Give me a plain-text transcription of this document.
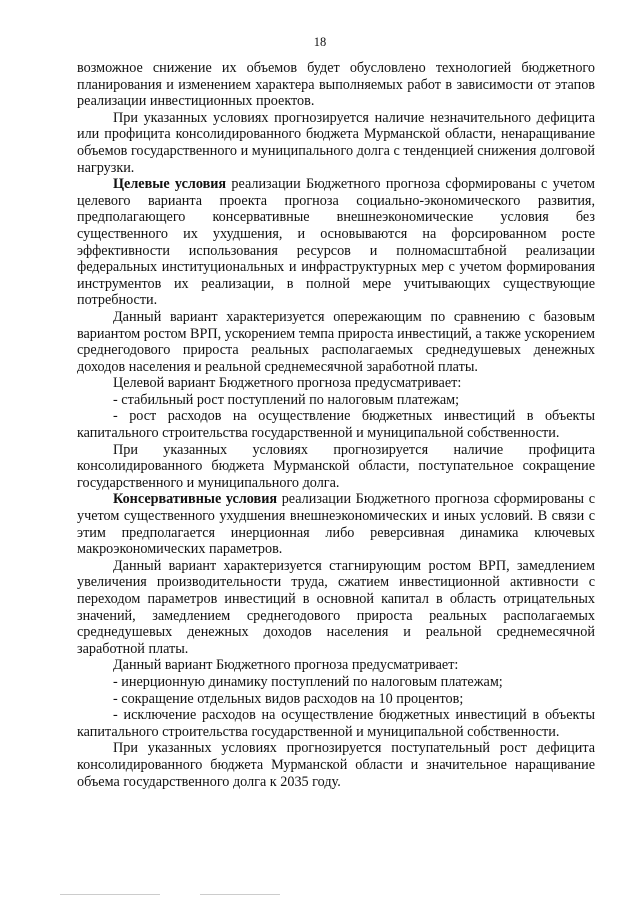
18

возможное снижение их объемов будет обусловлено технологией бюджетного планирования и изменением характера выполняемых работ в зависимости от этапов реализации инвестиционных проектов.

При указанных условиях прогнозируется наличие незначительного дефицита или профицита консолидированного бюджета Мурманской области, ненаращивание объемов государственного и муниципального долга с тенденцией снижения долговой нагрузки.

Целевые условия реализации Бюджетного прогноза сформированы с учетом целевого варианта проекта прогноза социально-экономического развития, предполагающего консервативные внешнеэкономические условия без существенного их ухудшения, и основываются на форсированном росте эффективности использования ресурсов и полномасштабной реализации федеральных институциональных и инфраструктурных мер с учетом формирования инструментов их реализации, в полной мере учитывающих существующие потребности.

Данный вариант характеризуется опережающим по сравнению с базовым вариантом ростом ВРП, ускорением темпа прироста инвестиций, а также ускорением среднегодового прироста реальных располагаемых среднедушевых денежных доходов населения и реальной среднемесячной заработной платы.

Целевой вариант Бюджетного прогноза предусматривает:

- стабильный рост поступлений по налоговым платежам;

- рост расходов на осуществление бюджетных инвестиций в объекты капитального строительства государственной и муниципальной собственности.

При указанных условиях прогнозируется наличие профицита консолидированного бюджета Мурманской области, поступательное сокращение государственного и муниципального долга.

Консервативные условия реализации Бюджетного прогноза сформированы с учетом существенного ухудшения внешнеэкономических и иных условий. В связи с этим предполагается инерционная либо реверсивная динамика ключевых макроэкономических параметров.

Данный вариант характеризуется стагнирующим ростом ВРП, замедлением увеличения производительности труда, сжатием инвестиционной активности с переходом параметров инвестиций в основной капитал в область отрицательных значений, замедлением среднегодового прироста реальных располагаемых среднедушевых денежных доходов населения и реальной среднемесячной заработной платы.

Данный вариант Бюджетного прогноза предусматривает:

- инерционную динамику поступлений по налоговым платежам;

- сокращение отдельных видов расходов на 10 процентов;

- исключение расходов на осуществление бюджетных инвестиций в объекты капитального строительства государственной и муниципальной собственности.

При указанных условиях прогнозируется поступательный рост дефицита консолидированного бюджета Мурманской области и значительное наращивание объема государственного долга к 2035 году.
